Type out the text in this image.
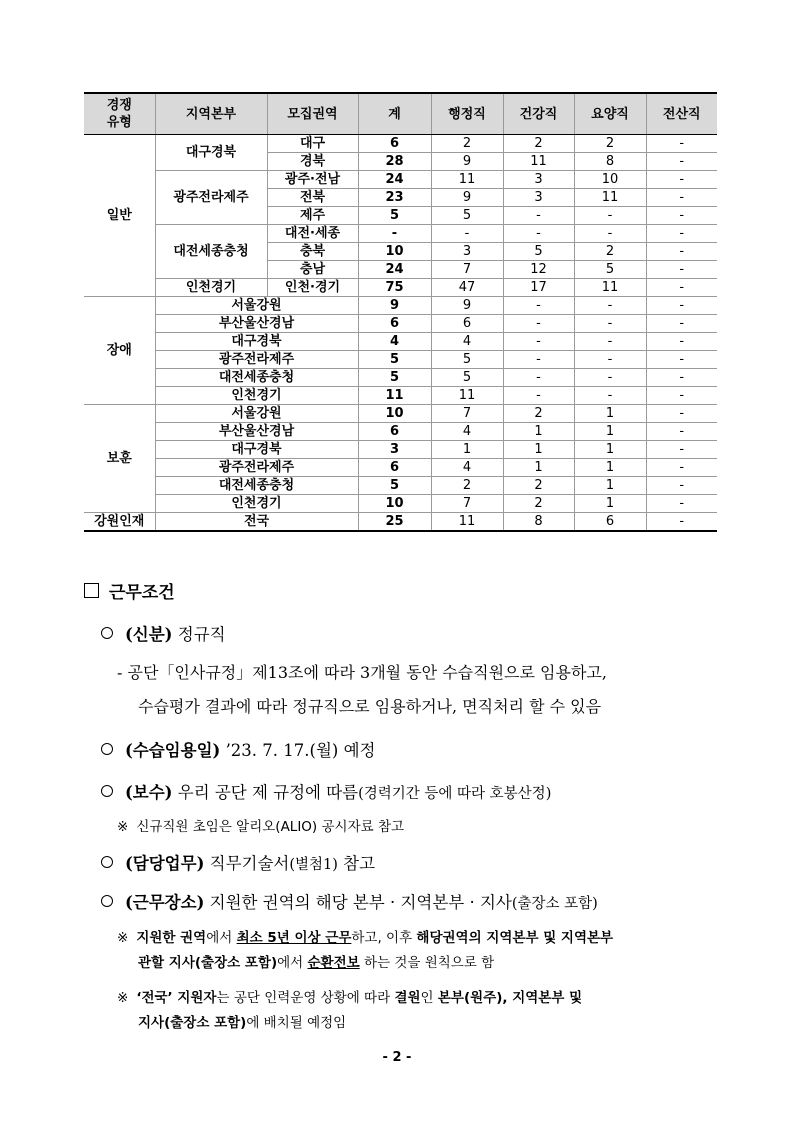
경쟁
유형	지역본부	모집권역	계	행정직	건강직	요양직	전산직
일반	대구경북	대구	6	2	2	2	-
		경북	28	9	11	8	-
	광주전라제주	광주·전남	24	11	3	10	-
		전북	23	9	3	11	-
		제주	5	5	-	-	-
	대전세종충청	대전·세종	-	-	-	-	-
		충북	10	3	5	2	-
		충남	24	7	12	5	-
	인천경기	인천·경기	75	47	17	11	-
장애	서울강원		9	9	-	-	-
	부산울산경남		6	6	-	-	-
	대구경북		4	4	-	-	-
	광주전라제주		5	5	-	-	-
	대전세종충청		5	5	-	-	-
	인천경기		11	11	-	-	-
보훈	서울강원		10	7	2	1	-
	부산울산경남		6	4	1	1	-
	대구경북		3	1	1	1	-
	광주전라제주		6	4	1	1	-
	대전세종충청		5	2	2	1	-
	인천경기		10	7	2	1	-
강원인재	전국		25	11	8	6	-
근무조건
(신분) 정규직
- 공단「인사규정」제13조에 따라 3개월 동안 수습직원으로 임용하고,
수습평가 결과에 따라 정규직으로 임용하거나, 면직처리 할 수 있음
(수습임용일) ’23. 7. 17.(월) 예정
(보수) 우리 공단 제 규정에 따름(경력기간 등에 따라 호봉산정)
※ 신규직원 초임은 알리오(ALIO) 공시자료 참고
(담당업무) 직무기술서(별첨1) 참고
(근무장소) 지원한 권역의 해당 본부 · 지역본부 · 지사(출장소 포함)
※ 지원한 권역에서 최소 5년 이상 근무하고, 이후 해당권역의 지역본부 및 지역본부
관할 지사(출장소 포함)에서 순환전보 하는 것을 원칙으로 함
※ ‘전국’ 지원자는 공단 인력운영 상황에 따라 결원인 본부(원주), 지역본부 및
지사(출장소 포함)에 배치될 예정임
- 2 -
